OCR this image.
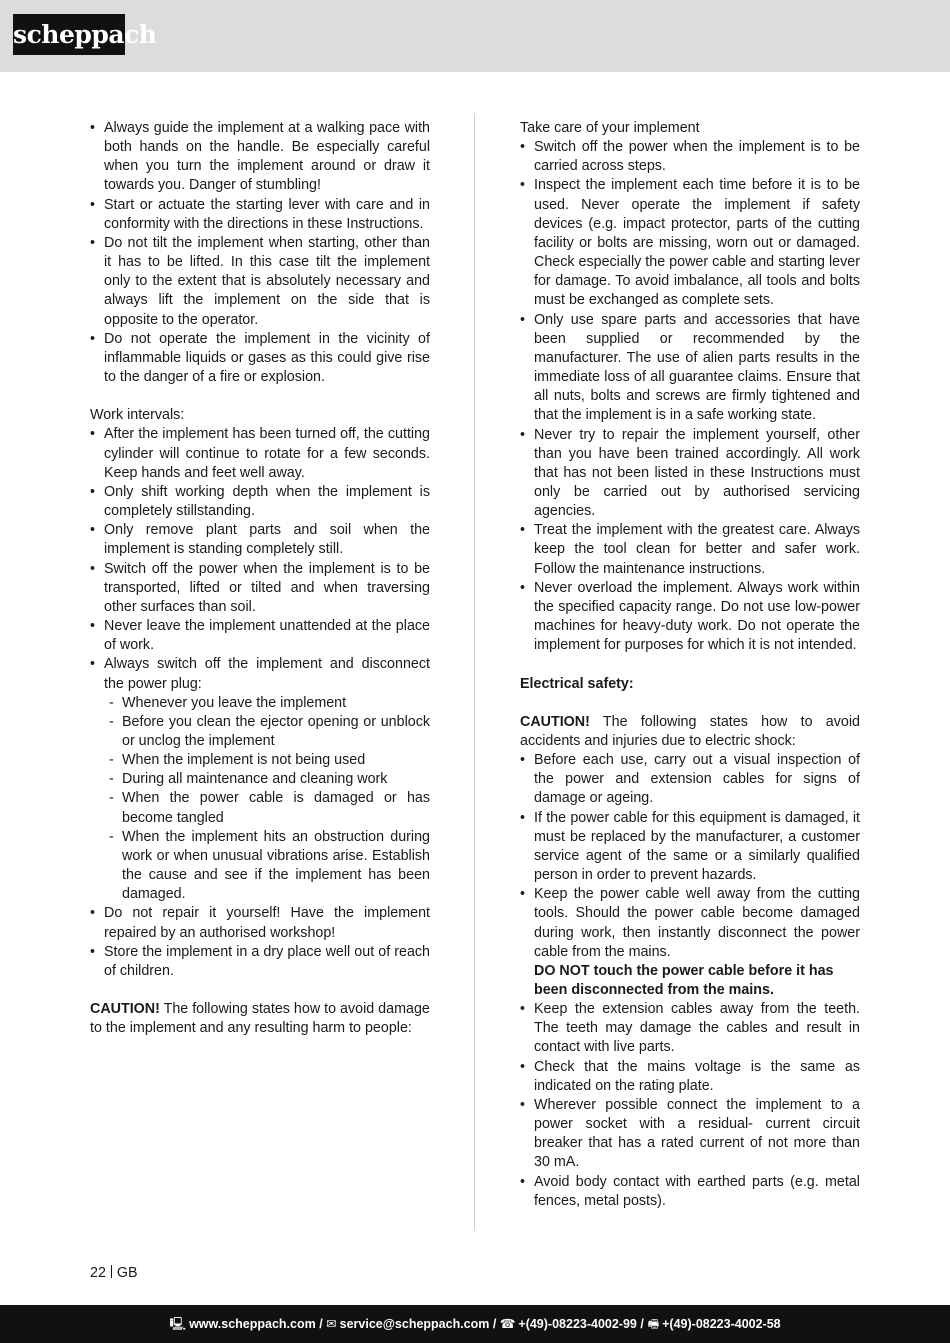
scheppach
• Always guide the implement at a walking pace with both hands on the handle. Be especially careful when you turn the implement around or draw it towards you. Danger of stumbling!
• Start or actuate the starting lever with care and in conformity with the directions in these Instructions.
• Do not tilt the implement when starting, other than it has to be lifted. In this case tilt the implement only to the extent that is absolutely necessary and always lift the implement on the side that is opposite to the operator.
• Do not operate the implement in the vicinity of inflammable liquids or gases as this could give rise to the danger of a fire or explosion.

Work intervals:

• After the implement has been turned off, the cutting cylinder will continue to rotate for a few seconds. Keep hands and feet well away.
• Only shift working depth when the implement is completely stillstanding.
• Only remove plant parts and soil when the implement is standing completely still.
• Switch off the power when the implement is to be transported, lifted or tilted and when traversing other surfaces than soil.
• Never leave the implement unattended at the place of work.
• Always switch off the implement and disconnect the power plug:
- Whenever you leave the implement
- Before you clean the ejector opening or unblock or unclog the implement
- When the implement is not being used
- During all maintenance and cleaning work
- When the power cable is damaged or has become tangled
- When the implement hits an obstruction during work or when unusual vibrations arise. Establish the cause and see if the implement has been damaged.
• Do not repair it yourself! Have the implement repaired by an authorised workshop!
• Store the implement in a dry place well out of reach of children.

CAUTION! The following states how to avoid damage to the implement and any resulting harm to people:

Take care of your implement

• Switch off the power when the implement is to be carried across steps.
• Inspect the implement each time before it is to be used. Never operate the implement if safety devices (e.g. impact protector, parts of the cutting facility or bolts are missing, worn out or damaged. Check especially the power cable and starting lever for damage. To avoid imbalance, all tools and bolts must be exchanged as complete sets.
• Only use spare parts and accessories that have been supplied or recommended by the manufacturer. The use of alien parts results in the immediate loss of all guarantee claims. Ensure that all nuts, bolts and screws are firmly tightened and that the implement is in a safe working state.
• Never try to repair the implement yourself, other than you have been trained accordingly. All work that has not been listed in these Instructions must only be carried out by authorised servicing agencies.
• Treat the implement with the greatest care. Always keep the tool clean for better and safer work. Follow the maintenance instructions.
• Never overload the implement. Always work within the specified capacity range. Do not use low-power machines for heavy-duty work. Do not operate the implement for purposes for which it is not intended.

Electrical safety:

CAUTION! The following states how to avoid accidents and injuries due to electric shock:

• Before each use, carry out a visual inspection of the power and extension cables for signs of damage or ageing.
• If the power cable for this equipment is damaged, it must be replaced by the manufacturer, a customer service agent of the same or a similarly qualified person in order to prevent hazards.
• Keep the power cable well away from the cutting tools. Should the power cable become damaged during work, then instantly disconnect the power cable from the mains.

DO NOT touch the power cable before it has been disconnected from the mains.

• Keep the extension cables away from the teeth. The teeth may damage the cables and result in contact with live parts.
• Check that the mains voltage is the same as indicated on the rating plate.
• Wherever possible connect the implement to a power socket with a residual- current circuit breaker that has a rated current of not more than 30 mA.
• Avoid body contact with earthed parts (e.g. metal fences, metal posts).
22 GB
🖳 www.scheppach.com / ✉ service@scheppach.com / ☎ +(49)-08223-4002-99 / 🖷 +(49)-08223-4002-58
